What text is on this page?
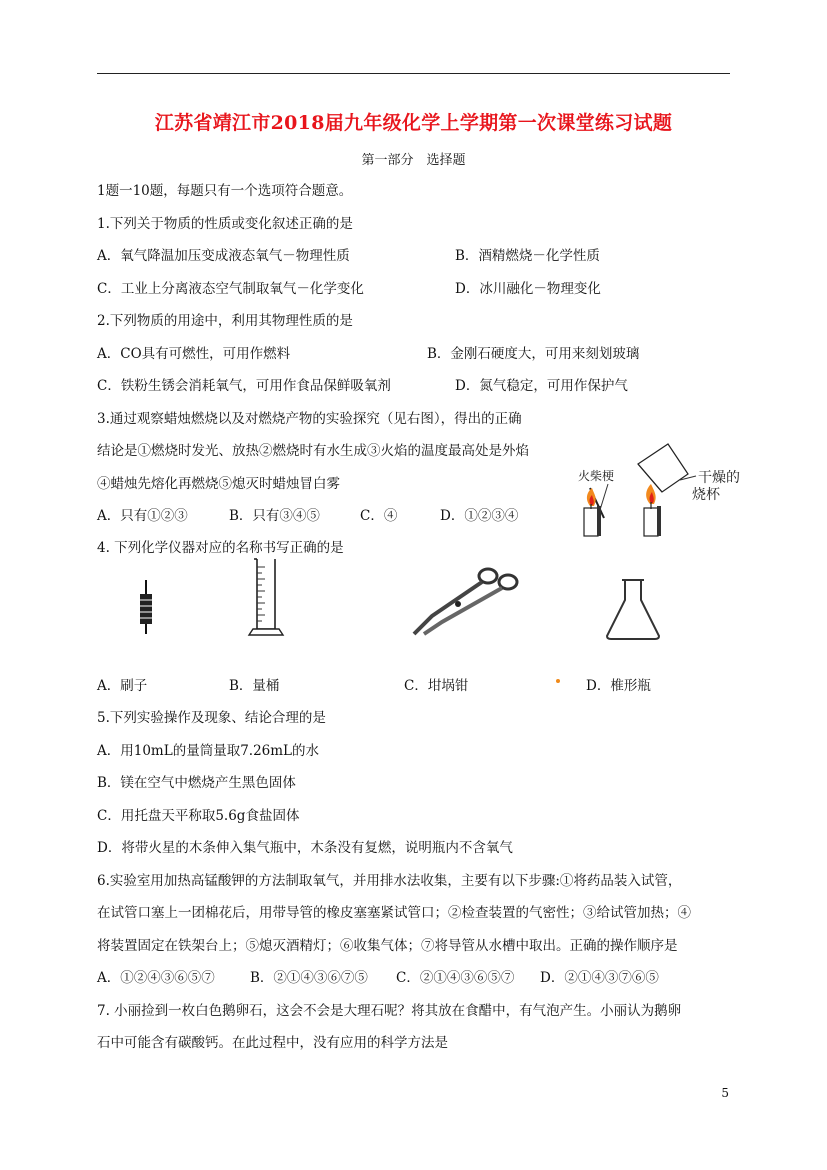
江苏省靖江市2018届九年级化学上学期第一次课堂练习试题
第一部分　选择题
1题一10题，每题只有一个选项符合题意。
1.下列关于物质的性质或变化叙述正确的是
A．氧气降温加压变成液态氧气－物理性质	B．酒精燃烧－化学性质
C．工业上分离液态空气制取氧气－化学变化	D．冰川融化－物理变化
2.下列物质的用途中，利用其物理性质的是
A．CO具有可燃性，可用作燃料	B．金刚石硬度大，可用来刻划玻璃
C．铁粉生锈会消耗氧气，可用作食品保鲜吸氧剂	D．氮气稳定，可用作保护气
3.通过观察蜡烛燃烧以及对燃烧产物的实验探究（见右图），得出的正确
结论是①燃烧时发光、放热②燃烧时有水生成③火焰的温度最高处是外焰
④蜡烛先熔化再燃烧⑤熄灭时蜡烛冒白雾
A．只有①②③	B．只有③④⑤	C．④	D．①②③④
火柴梗	干燥的
烧杯
4. 下列化学仪器对应的名称书写正确的是
A．刷子	B．量桶	C．坩埚钳	D．椎形瓶
5.下列实验操作及现象、结论合理的是
A．用10mL的量筒量取7.26mL的水
B．镁在空气中燃烧产生黑色固体
C．用托盘天平称取5.6g食盐固体
D．将带火星的木条伸入集气瓶中，木条没有复燃，说明瓶内不含氧气
6.实验室用加热高锰酸钾的方法制取氧气，并用排水法收集，主要有以下步骤:①将药品装入试管，
在试管口塞上一团棉花后，用带导管的橡皮塞塞紧试管口；②检查装置的气密性；③给试管加热；④
将装置固定在铁架台上；⑤熄灭酒精灯；⑥收集气体；⑦将导管从水槽中取出。正确的操作顺序是
A．①②④③⑥⑤⑦	B．②①④③⑥⑦⑤ C．②①④③⑥⑤⑦ D．②①④③⑦⑥⑤
7. 小丽捡到一枚白色鹅卵石，这会不会是大理石呢？将其放在食醋中，有气泡产生。小丽认为鹅卵
石中可能含有碳酸钙。在此过程中，没有应用的科学方法是
5
